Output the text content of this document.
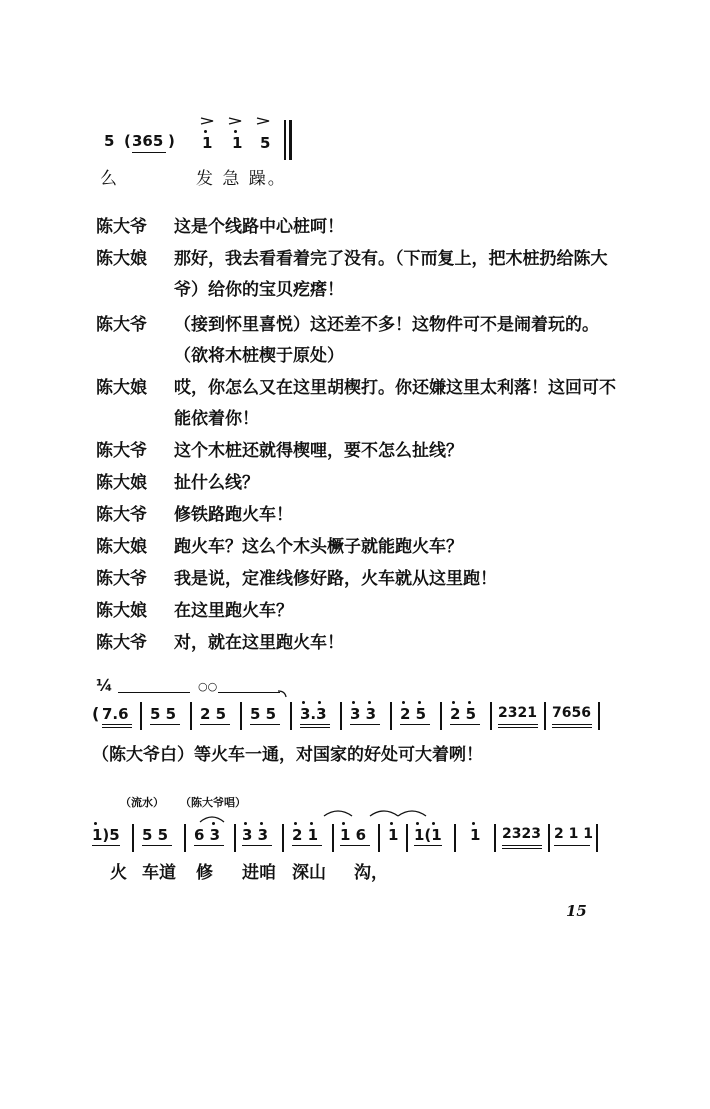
5 ( 365 ) 1 1 5
么	发 急 躁。
陈大爷	这是个线路中心桩呵！
陈大娘	那好，我去看看着完了没有。（下而复上，把木桩扔给陈大爷）给你的宝贝疙瘩！
陈大爷	（接到怀里喜悦）这还差不多！这物件可不是闹着玩的。（欲将木桩楔于原处）
陈大娘	哎，你怎么又在这里胡楔打。你还嫌这里太利落！这回可不能依着你！
陈大爷	这个木桩还就得楔哩，要不怎么扯线？
陈大娘	扯什么线？
陈大爷	修铁路跑火车！
陈大娘	跑火车？这么个木头橛子就能跑火车？
陈大爷	我是说，定准线修好路，火车就从这里跑！
陈大娘	在这里跑火车？
陈大爷	对，就在这里跑火车！
¼	○○
( 7.6 5 5 2 5 5 5 3.3 3 3 2 5 2 5 2321 7656
（陈大爷白）等火车一通，对国家的好处可大着咧！
（流水） （陈大爷唱）
1)5 5 5 6 3 3 3 2 1 1 6 1 1(1 1 2323 2 1 1
火 车道 修 进咱 深山 沟，
15
